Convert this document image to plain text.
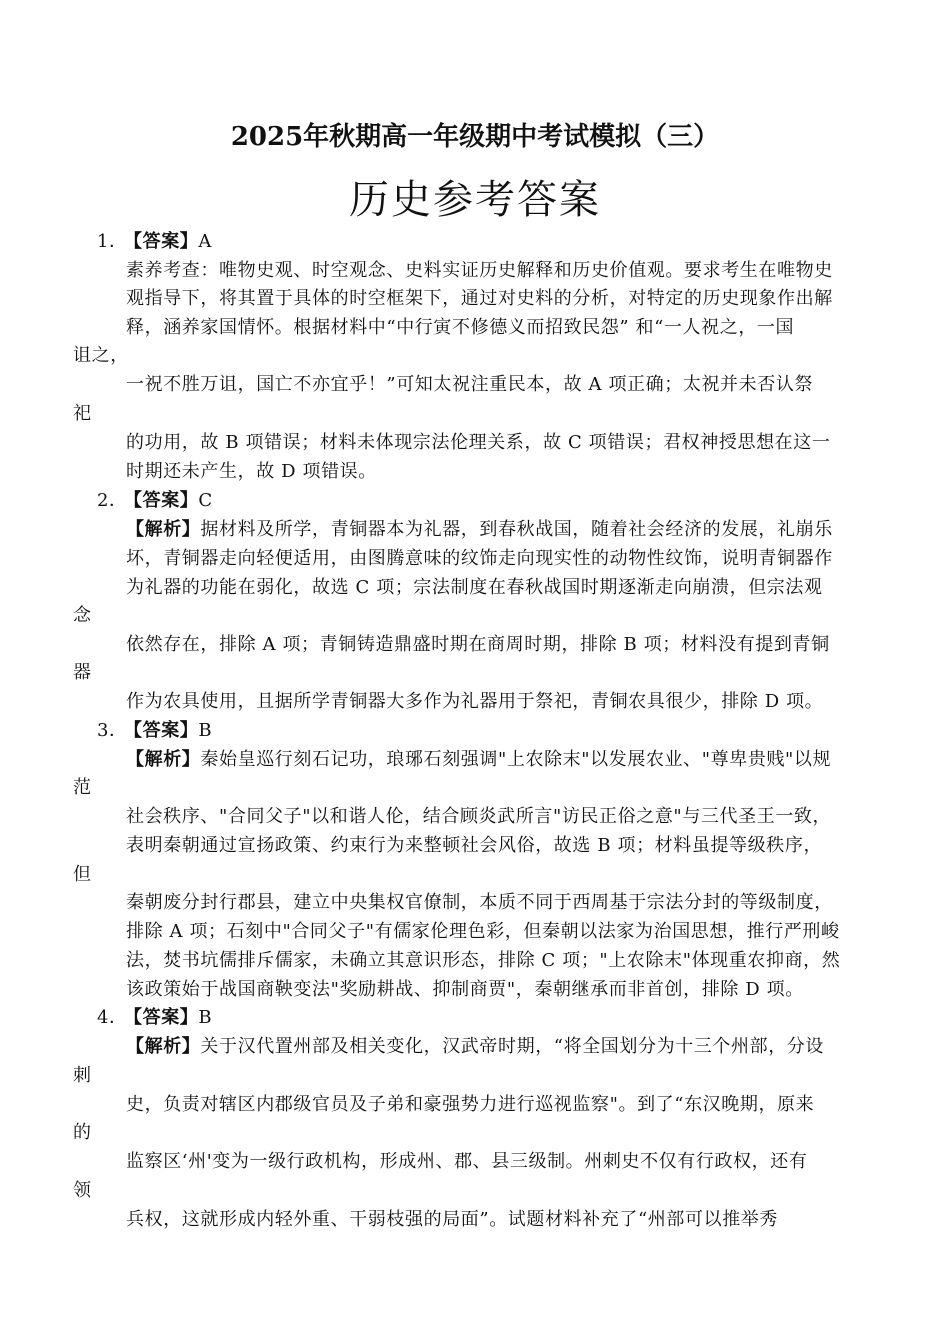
2025年秋期高一年级期中考试模拟（三）
历史参考答案
1．【答案】A
素养考查：唯物史观、时空观念、史料实证历史解释和历史价值观。要求考生在唯物史
观指导下，将其置于具体的时空框架下，通过对史料的分析，对特定的历史现象作出解
释，涵养家国情怀。根据材料中“中行寅不修德义而招致民怨” 和“一人祝之，一国
诅之，
一祝不胜万诅，国亡不亦宜乎！”可知太祝注重民本，故 A 项正确；太祝并未否认祭
祀
的功用，故 B 项错误；材料未体现宗法伦理关系，故 C 项错误；君权神授思想在这一
时期还未产生，故 D 项错误。
2．【答案】C
【解析】据材料及所学，青铜器本为礼器，到春秋战国，随着社会经济的发展，礼崩乐
坏，青铜器走向轻便适用，由图腾意味的纹饰走向现实性的动物性纹饰，说明青铜器作
为礼器的功能在弱化，故选 C 项；宗法制度在春秋战国时期逐渐走向崩溃，但宗法观
念
依然存在，排除 A 项；青铜铸造鼎盛时期在商周时期，排除 B 项；材料没有提到青铜
器
作为农具使用，且据所学青铜器大多作为礼器用于祭祀，青铜农具很少，排除 D 项。
3．【答案】B
【解析】秦始皇巡行刻石记功，琅琊石刻强调"上农除末"以发展农业、"尊卑贵贱"以规
范
社会秩序、"合同父子"以和谐人伦，结合顾炎武所言"访民正俗之意"与三代圣王一致，
表明秦朝通过宣扬政策、约束行为来整顿社会风俗，故选 B 项；材料虽提等级秩序，
但
秦朝废分封行郡县，建立中央集权官僚制，本质不同于西周基于宗法分封的等级制度，
排除 A 项；石刻中"合同父子"有儒家伦理色彩，但秦朝以法家为治国思想，推行严刑峻
法，焚书坑儒排斥儒家，未确立其意识形态，排除 C 项；"上农除末"体现重农抑商，然
该政策始于战国商鞅变法"奖励耕战、抑制商贾"，秦朝继承而非首创，排除 D 项。
4．【答案】B
【解析】关于汉代置州部及相关变化，汉武帝时期，“将全国划分为十三个州部，分设
刺
史，负责对辖区内郡级官员及子弟和豪强势力进行巡视监察"。到了“东汉晚期，原来
的
监察区‘州'变为一级行政机构，形成州、郡、县三级制。州刺史不仅有行政权，还有
领
兵权，这就形成内轻外重、干弱枝强的局面”。试题材料补充了“州部可以推举秀
